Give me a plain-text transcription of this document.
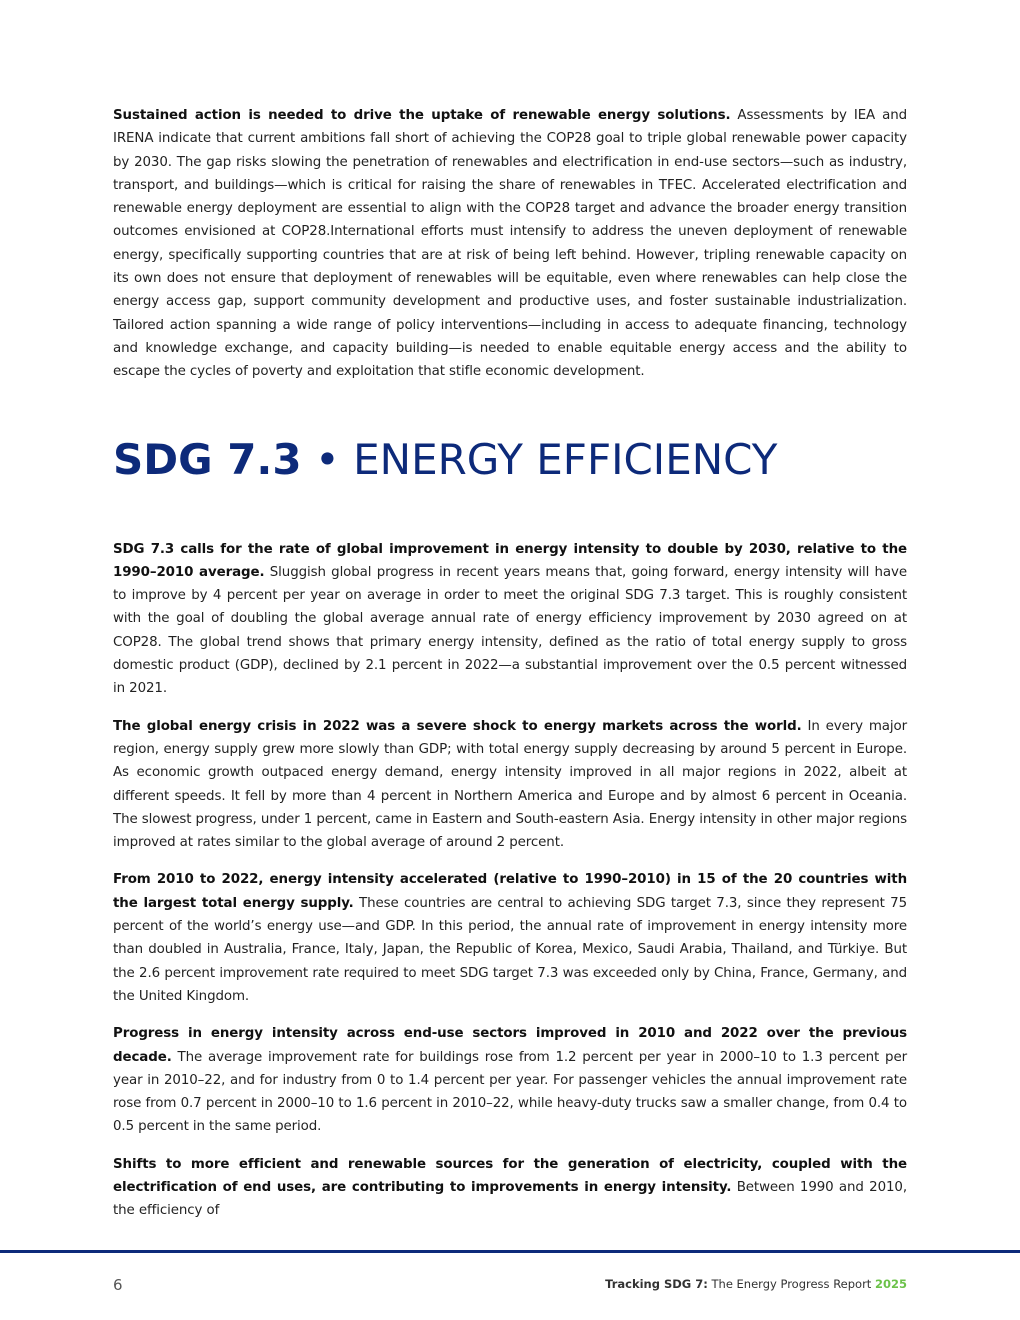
Sustained action is needed to drive the uptake of renewable energy solutions. Assessments by IEA and IRENA indicate that current ambitions fall short of achieving the COP28 goal to triple global renewable power capacity by 2030. The gap risks slowing the penetration of renewables and electrification in end-use sectors—such as industry, transport, and buildings—which is critical for raising the share of renewables in TFEC. Accelerated electrification and renewable energy deployment are essential to align with the COP28 target and advance the broader energy transition outcomes envisioned at COP28.International efforts must intensify to address the uneven deployment of renewable energy, specifically supporting countries that are at risk of being left behind. However, tripling renewable capacity on its own does not ensure that deployment of renewables will be equitable, even where renewables can help close the energy access gap, support community development and productive uses, and foster sustainable industrialization. Tailored action spanning a wide range of policy interventions—including in access to adequate financing, technology and knowledge exchange, and capacity building—is needed to enable equitable energy access and the ability to escape the cycles of poverty and exploitation that stifle economic development.

SDG 7.3 • ENERGY EFFICIENCY

SDG 7.3 calls for the rate of global improvement in energy intensity to double by 2030, relative to the 1990–2010 average. Sluggish global progress in recent years means that, going forward, energy intensity will have to improve by 4 percent per year on average in order to meet the original SDG 7.3 target. This is roughly consistent with the goal of doubling the global average annual rate of energy efficiency improvement by 2030 agreed on at COP28. The global trend shows that primary energy intensity, defined as the ratio of total energy supply to gross domestic product (GDP), declined by 2.1 percent in 2022—a substantial improvement over the 0.5 percent witnessed in 2021.

The global energy crisis in 2022 was a severe shock to energy markets across the world. In every major region, energy supply grew more slowly than GDP; with total energy supply decreasing by around 5 percent in Europe. As economic growth outpaced energy demand, energy intensity improved in all major regions in 2022, albeit at different speeds. It fell by more than 4 percent in Northern America and Europe and by almost 6 percent in Oceania. The slowest progress, under 1 percent, came in Eastern and South-eastern Asia. Energy intensity in other major regions improved at rates similar to the global average of around 2 percent.

From 2010 to 2022, energy intensity accelerated (relative to 1990–2010) in 15 of the 20 countries with the largest total energy supply. These countries are central to achieving SDG target 7.3, since they represent 75 percent of the world’s energy use—and GDP. In this period, the annual rate of improvement in energy intensity more than doubled in Australia, France, Italy, Japan, the Republic of Korea, Mexico, Saudi Arabia, Thailand, and Türkiye. But the 2.6 percent improvement rate required to meet SDG target 7.3 was exceeded only by China, France, Germany, and the United Kingdom.

Progress in energy intensity across end-use sectors improved in 2010 and 2022 over the previous decade. The average improvement rate for buildings rose from 1.2 percent per year in 2000–10 to 1.3 percent per year in 2010–22, and for industry from 0 to 1.4 percent per year. For passenger vehicles the annual improvement rate rose from 0.7 percent in 2000–10 to 1.6 percent in 2010–22, while heavy-duty trucks saw a smaller change, from 0.4 to 0.5 percent in the same period.

Shifts to more efficient and renewable sources for the generation of electricity, coupled with the electrification of end uses, are contributing to improvements in energy intensity. Between 1990 and 2010, the efficiency of

6	Tracking SDG 7: The Energy Progress Report 2025
